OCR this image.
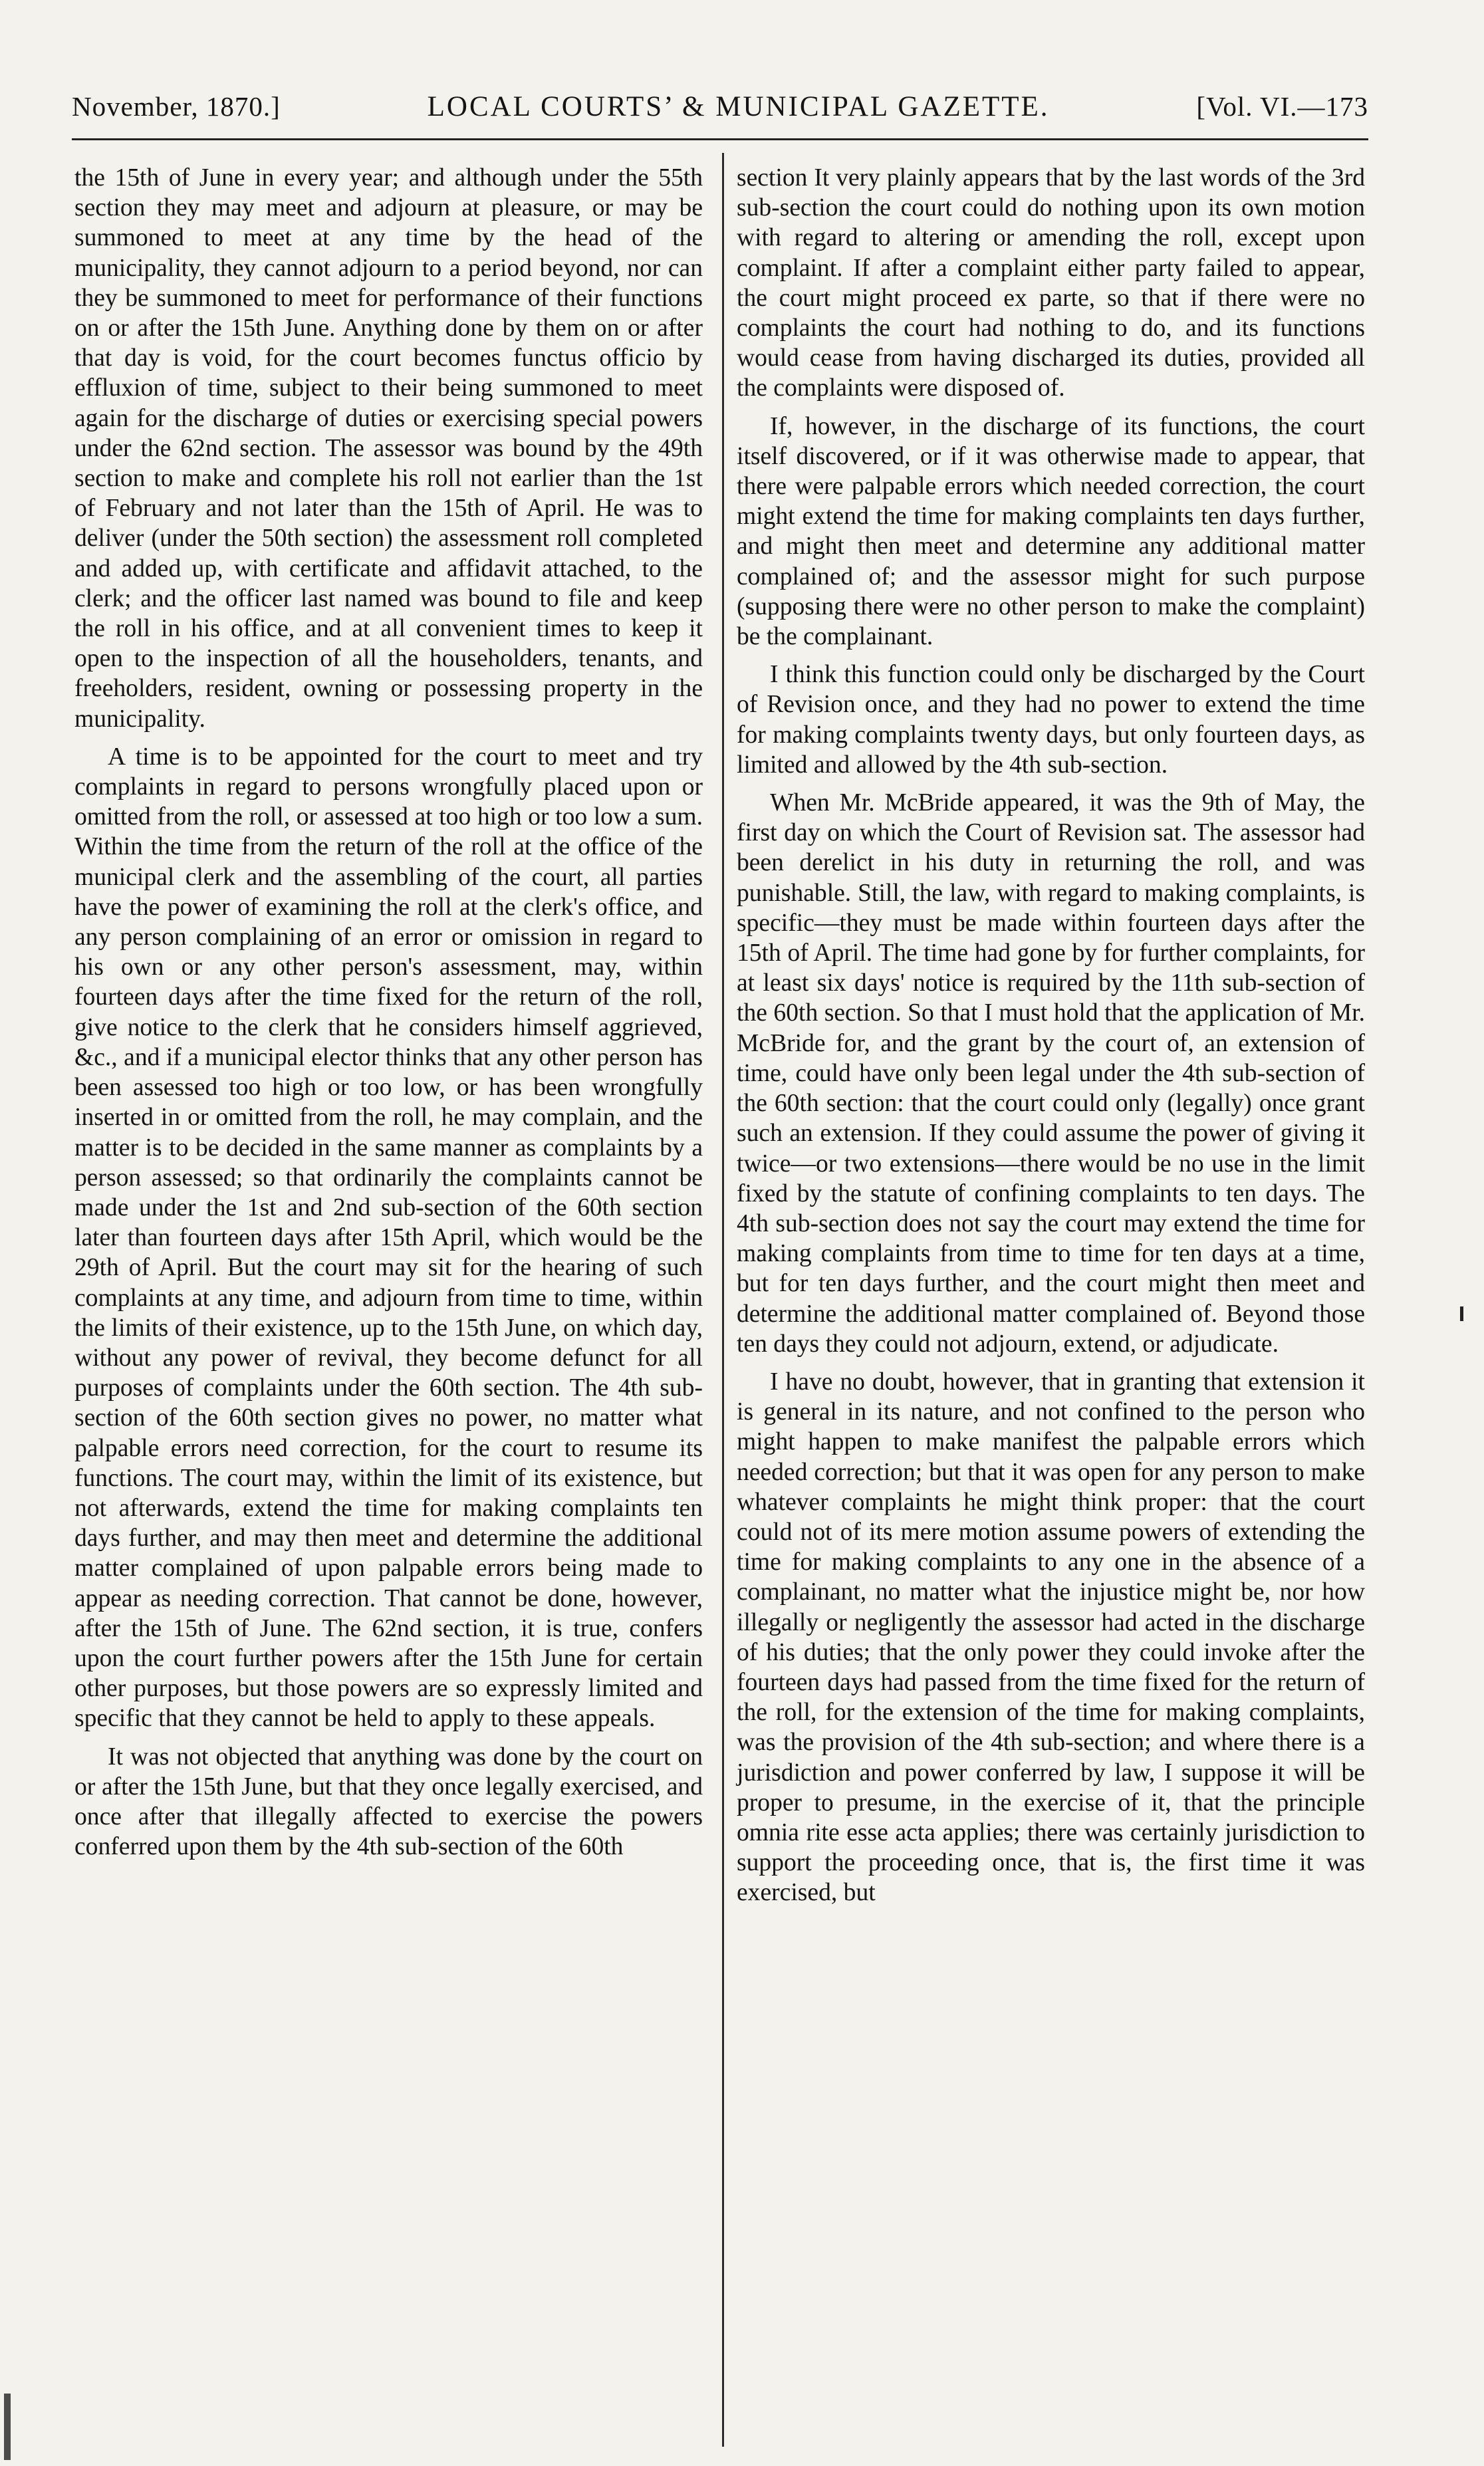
November, 1870.]	LOCAL COURTS’ & MUNICIPAL GAZETTE.	[Vol. VI.—173

the 15th of June in every year; and although under the 55th section they may meet and adjourn at pleasure, or may be summoned to meet at any time by the head of the municipality, they cannot adjourn to a period beyond, nor can they be summoned to meet for performance of their functions on or after the 15th June. Anything done by them on or after that day is void, for the court becomes functus officio by effluxion of time, subject to their being summoned to meet again for the discharge of duties or exercising special powers under the 62nd section. The assessor was bound by the 49th section to make and complete his roll not earlier than the 1st of February and not later than the 15th of April. He was to deliver (under the 50th section) the assessment roll completed and added up, with certificate and affidavit attached, to the clerk; and the officer last named was bound to file and keep the roll in his office, and at all convenient times to keep it open to the inspection of all the householders, tenants, and freeholders, resident, owning or possessing property in the municipality.

A time is to be appointed for the court to meet and try complaints in regard to persons wrongfully placed upon or omitted from the roll, or assessed at too high or too low a sum. Within the time from the return of the roll at the office of the municipal clerk and the assembling of the court, all parties have the power of examining the roll at the clerk's office, and any person complaining of an error or omission in regard to his own or any other person's assessment, may, within fourteen days after the time fixed for the return of the roll, give notice to the clerk that he considers himself aggrieved, &c., and if a municipal elector thinks that any other person has been assessed too high or too low, or has been wrongfully inserted in or omitted from the roll, he may complain, and the matter is to be decided in the same manner as complaints by a person assessed; so that ordinarily the complaints cannot be made under the 1st and 2nd sub-section of the 60th section later than fourteen days after 15th April, which would be the 29th of April. But the court may sit for the hearing of such complaints at any time, and adjourn from time to time, within the limits of their existence, up to the 15th June, on which day, without any power of revival, they become defunct for all purposes of complaints under the 60th section. The 4th sub-section of the 60th section gives no power, no matter what palpable errors need correction, for the court to resume its functions. The court may, within the limit of its existence, but not afterwards, extend the time for making complaints ten days further, and may then meet and determine the additional matter complained of upon palpable errors being made to appear as needing correction. That cannot be done, however, after the 15th of June. The 62nd section, it is true, confers upon the court further powers after the 15th June for certain other purposes, but those powers are so expressly limited and specific that they cannot be held to apply to these appeals.

It was not objected that anything was done by the court on or after the 15th June, but that they once legally exercised, and once after that illegally affected to exercise the powers conferred upon them by the 4th sub-section of the 60th

section It very plainly appears that by the last words of the 3rd sub-section the court could do nothing upon its own motion with regard to altering or amending the roll, except upon complaint. If after a complaint either party failed to appear, the court might proceed ex parte, so that if there were no complaints the court had nothing to do, and its functions would cease from having discharged its duties, provided all the complaints were disposed of.

If, however, in the discharge of its functions, the court itself discovered, or if it was otherwise made to appear, that there were palpable errors which needed correction, the court might extend the time for making complaints ten days further, and might then meet and determine any additional matter complained of; and the assessor might for such purpose (supposing there were no other person to make the complaint) be the complainant.

I think this function could only be discharged by the Court of Revision once, and they had no power to extend the time for making complaints twenty days, but only fourteen days, as limited and allowed by the 4th sub-section.

When Mr. McBride appeared, it was the 9th of May, the first day on which the Court of Revision sat. The assessor had been derelict in his duty in returning the roll, and was punishable. Still, the law, with regard to making complaints, is specific—they must be made within fourteen days after the 15th of April. The time had gone by for further complaints, for at least six days' notice is required by the 11th sub-section of the 60th section. So that I must hold that the application of Mr. McBride for, and the grant by the court of, an extension of time, could have only been legal under the 4th sub-section of the 60th section: that the court could only (legally) once grant such an extension. If they could assume the power of giving it twice—or two extensions—there would be no use in the limit fixed by the statute of confining complaints to ten days. The 4th sub-section does not say the court may extend the time for making complaints from time to time for ten days at a time, but for ten days further, and the court might then meet and determine the additional matter complained of. Beyond those ten days they could not adjourn, extend, or adjudicate.

I have no doubt, however, that in granting that extension it is general in its nature, and not confined to the person who might happen to make manifest the palpable errors which needed correction; but that it was open for any person to make whatever complaints he might think proper: that the court could not of its mere motion assume powers of extending the time for making complaints to any one in the absence of a complainant, no matter what the injustice might be, nor how illegally or negligently the assessor had acted in the discharge of his duties; that the only power they could invoke after the fourteen days had passed from the time fixed for the return of the roll, for the extension of the time for making complaints, was the provision of the 4th sub-section; and where there is a jurisdiction and power conferred by law, I suppose it will be proper to presume, in the exercise of it, that the principle omnia rite esse acta applies; there was certainly jurisdiction to support the proceeding once, that is, the first time it was exercised, but
